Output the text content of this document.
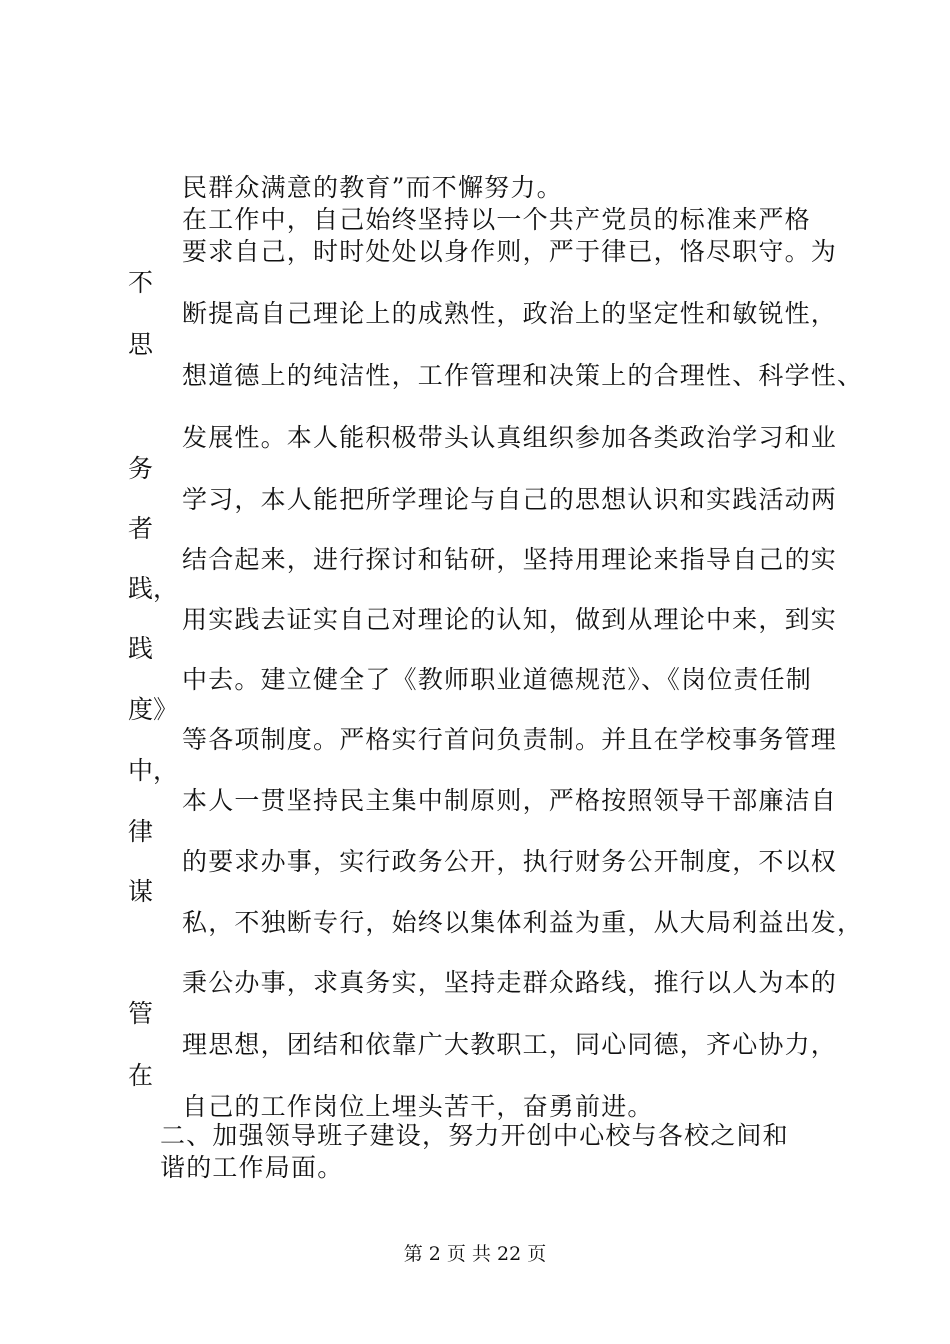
民群众满意的教育”而不懈努力。
在工作中，自己始终坚持以一个共产党员的标准来严格
要求自己，时时处处以身作则，严于律已，恪尽职守。为
断提高自己理论上的成熟性，政治上的坚定性和敏锐性，
想道德上的纯洁性，工作管理和决策上的合理性、科学性、
发展性。本人能积极带头认真组织参加各类政治学习和业
学习，本人能把所学理论与自己的思想认识和实践活动两
结合起来，进行探讨和钻研，坚持用理论来指导自己的实
用实践去证实自己对理论的认知，做到从理论中来，到实
中去。建立健全了《教师职业道德规范》、《岗位责任制
等各项制度。严格实行首问负责制。并且在学校事务管理
本人一贯坚持民主集中制原则，严格按照领导干部廉洁自
的要求办事，实行政务公开，执行财务公开制度，不以权
私，不独断专行，始终以集体利益为重，从大局利益出发，
秉公办事，求真务实，坚持走群众路线，推行以人为本的
理思想，团结和依靠广大教职工，同心同德，齐心协力，
自己的工作岗位上埋头苦干，奋勇前进。
二、加强领导班子建设，努力开创中心校与各校之间和
谐的工作局面。
不
思
务
者
践，
践
度》
中，
律
谋
管
在
第 2 页 共 22 页
